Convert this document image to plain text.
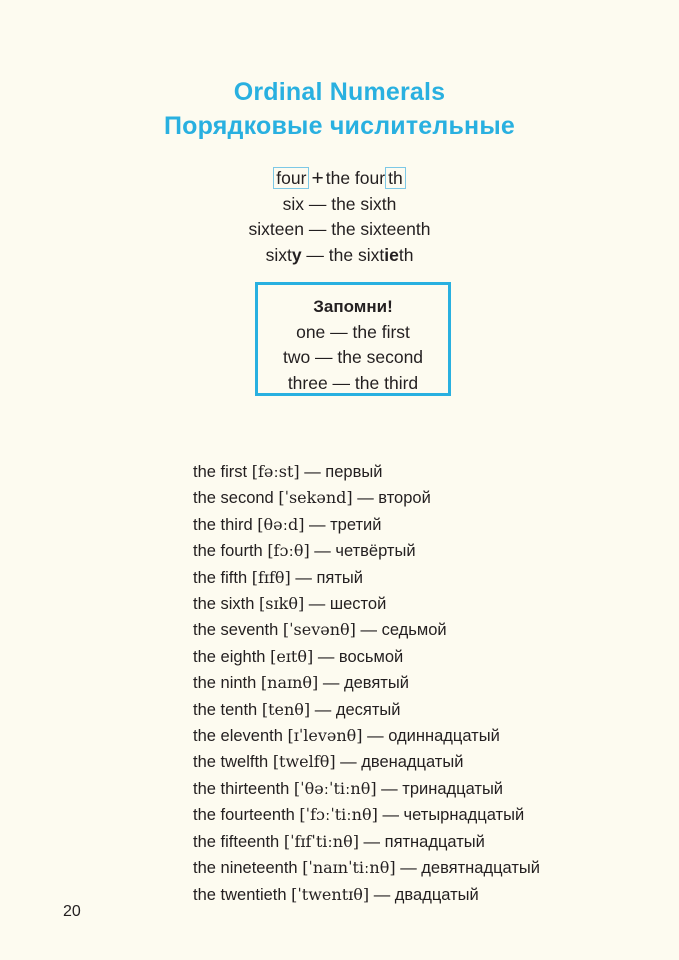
Ordinal Numerals
Порядковые числительные
four + the four th
six — the sixth
sixteen — the sixteenth
sixty — the sixtieth
Запомни!
one — the first
two — the second
three — the third
the first [fəːst] — первый
the second [ˈsekənd] — второй
the third [θəːd] — третий
the fourth [fɔːθ] — четвёртый
the fifth [fɪfθ] — пятый
the sixth [sɪkθ] — шестой
the seventh [ˈsevənθ] — седьмой
the eighth [eɪtθ] — восьмой
the ninth [naɪnθ] — девятый
the tenth [tenθ] — десятый
the eleventh [ɪˈlevənθ] — одиннадцатый
the twelfth [twelfθ] — двенадцатый
the thirteenth [ˈθəːˈtiːnθ] — тринадцатый
the fourteenth [ˈfɔːˈtiːnθ] — четырнадцатый
the fifteenth [ˈfɪfˈtiːnθ] — пятнадцатый
the nineteenth [ˈnaɪnˈtiːnθ] — девятнадцатый
the twentieth [ˈtwentɪθ] — двадцатый
20
